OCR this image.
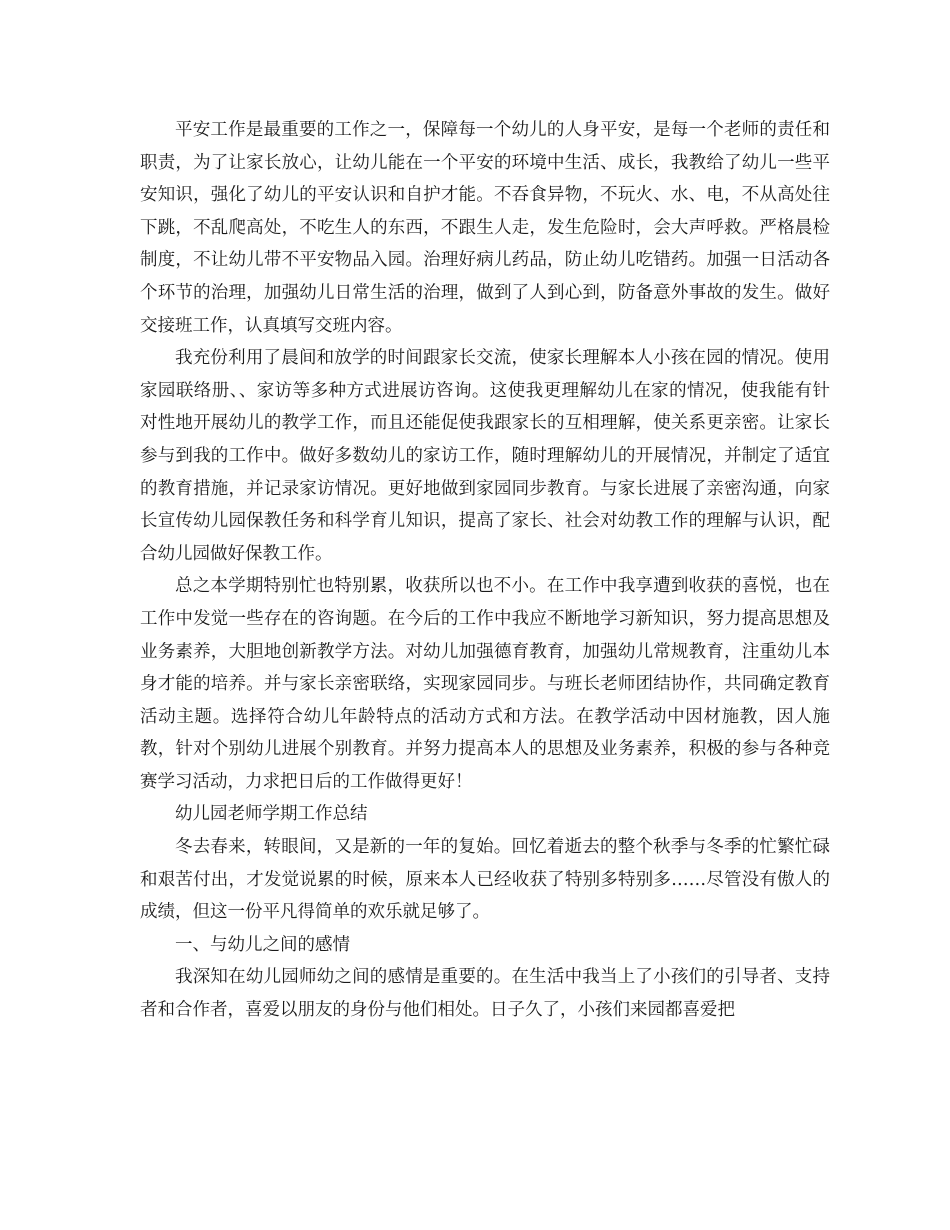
平安工作是最重要的工作之一，保障每一个幼儿的人身平安，是每一个老师的责任和职责，为了让家长放心，让幼儿能在一个平安的环境中生活、成长，我教给了幼儿一些平安知识，强化了幼儿的平安认识和自护才能。不吞食异物，不玩火、水、电，不从高处往下跳，不乱爬高处，不吃生人的东西，不跟生人走，发生危险时，会大声呼救。严格晨检制度，不让幼儿带不平安物品入园。治理好病儿药品，防止幼儿吃错药。加强一日活动各个环节的治理，加强幼儿日常生活的治理，做到了人到心到，防备意外事故的发生。做好交接班工作，认真填写交班内容。

我充份利用了晨间和放学的时间跟家长交流，使家长理解本人小孩在园的情况。使用家园联络册、、家访等多种方式进展访咨询。这使我更理解幼儿在家的情况，使我能有针对性地开展幼儿的教学工作，而且还能促使我跟家长的互相理解，使关系更亲密。让家长参与到我的工作中。做好多数幼儿的家访工作，随时理解幼儿的开展情况，并制定了适宜的教育措施，并记录家访情况。更好地做到家园同步教育。与家长进展了亲密沟通，向家长宣传幼儿园保教任务和科学育儿知识，提高了家长、社会对幼教工作的理解与认识，配合幼儿园做好保教工作。

总之本学期特别忙也特别累，收获所以也不小。在工作中我享遭到收获的喜悦，也在工作中发觉一些存在的咨询题。在今后的工作中我应不断地学习新知识，努力提高思想及业务素养，大胆地创新教学方法。对幼儿加强德育教育，加强幼儿常规教育，注重幼儿本身才能的培养。并与家长亲密联络，实现家园同步。与班长老师团结协作，共同确定教育活动主题。选择符合幼儿年龄特点的活动方式和方法。在教学活动中因材施教，因人施教，针对个别幼儿进展个别教育。并努力提高本人的思想及业务素养，积极的参与各种竞赛学习活动，力求把日后的工作做得更好！

幼儿园老师学期工作总结

冬去春来，转眼间，又是新的一年的复始。回忆着逝去的整个秋季与冬季的忙繁忙碌和艰苦付出，才发觉说累的时候，原来本人已经收获了特别多特别多……尽管没有傲人的成绩，但这一份平凡得简单的欢乐就足够了。

一、与幼儿之间的感情

我深知在幼儿园师幼之间的感情是重要的。在生活中我当上了小孩们的引导者、支持者和合作者，喜爱以朋友的身份与他们相处。日子久了，小孩们来园都喜爱把
